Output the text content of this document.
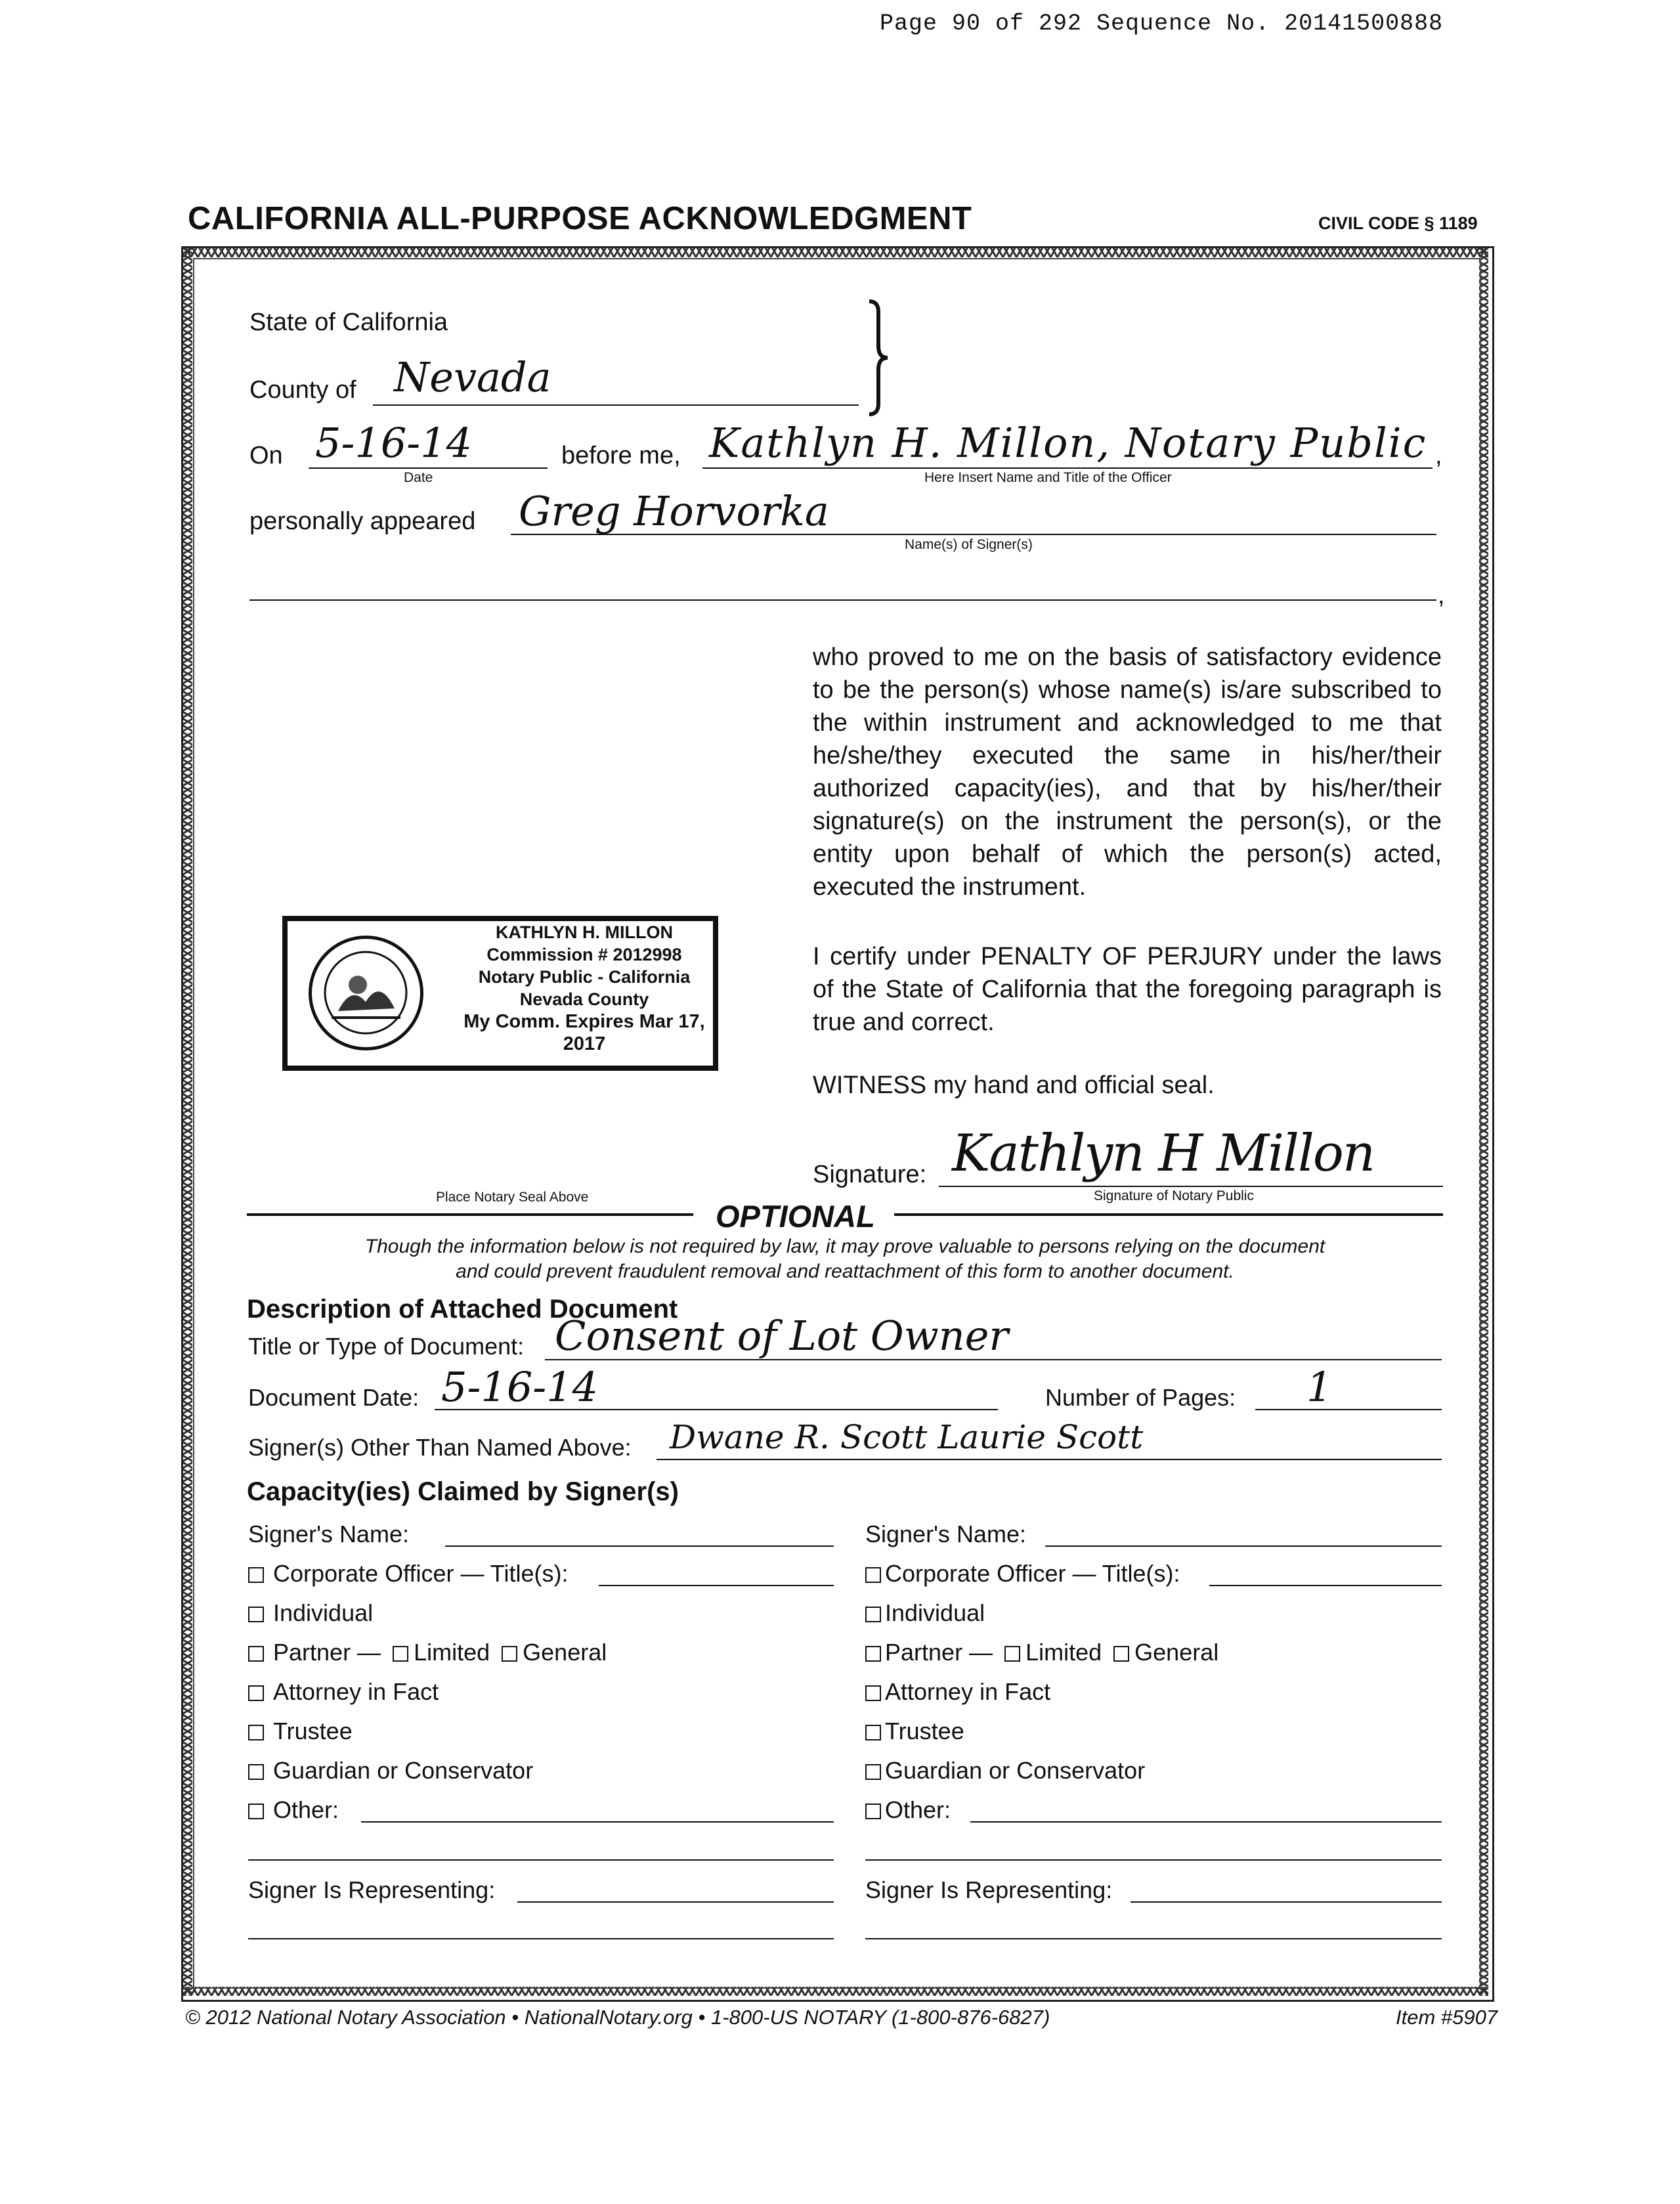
Page 90 of 292 Sequence No. 20141500888
CALIFORNIA ALL-PURPOSE ACKNOWLEDGMENT	CIVIL CODE § 1189
State of California
County of Nevada
On 5-16-14
Date
before me, Kathlyn H. Millon, Notary Public ,
Here Insert Name and Title of the Officer
personally appeared Greg Horvorka
Name(s) of Signer(s)
,
who proved to me on the basis of satisfactory evidence to be the person(s) whose name(s) is/are subscribed to the within instrument and acknowledged to me that he/she/they executed the same in his/her/their authorized capacity(ies), and that by his/her/their signature(s) on the instrument the person(s), or the entity upon behalf of which the person(s) acted, executed the instrument.
I certify under PENALTY OF PERJURY under the laws of the State of California that the foregoing paragraph is true and correct.
WITNESS my hand and official seal.
KATHLYN H. MILLON
Commission # 2012998
Notary Public - California
Nevada County
My Comm. Expires Mar 17, 2017
Place Notary Seal Above
Signature: Kathlyn H Millon
Signature of Notary Public
OPTIONAL
Though the information below is not required by law, it may prove valuable to persons relying on the document
and could prevent fraudulent removal and reattachment of this form to another document.
Description of Attached Document
Title or Type of Document: Consent of Lot Owner
Document Date: 5-16-14	Number of Pages: 1
Signer(s) Other Than Named Above: Dwane R. Scott Laurie Scott
Capacity(ies) Claimed by Signer(s)
Signer's Name:
Corporate Officer — Title(s):
Individual
Partner — Limited General
Attorney in Fact
Trustee
Guardian or Conservator
Other:
Signer Is Representing:
Signer's Name:
Corporate Officer — Title(s):
Individual
Partner — Limited General
Attorney in Fact
Trustee
Guardian or Conservator
Other:
Signer Is Representing:
© 2012 National Notary Association • NationalNotary.org • 1-800-US NOTARY (1-800-876-6827)	Item #5907
